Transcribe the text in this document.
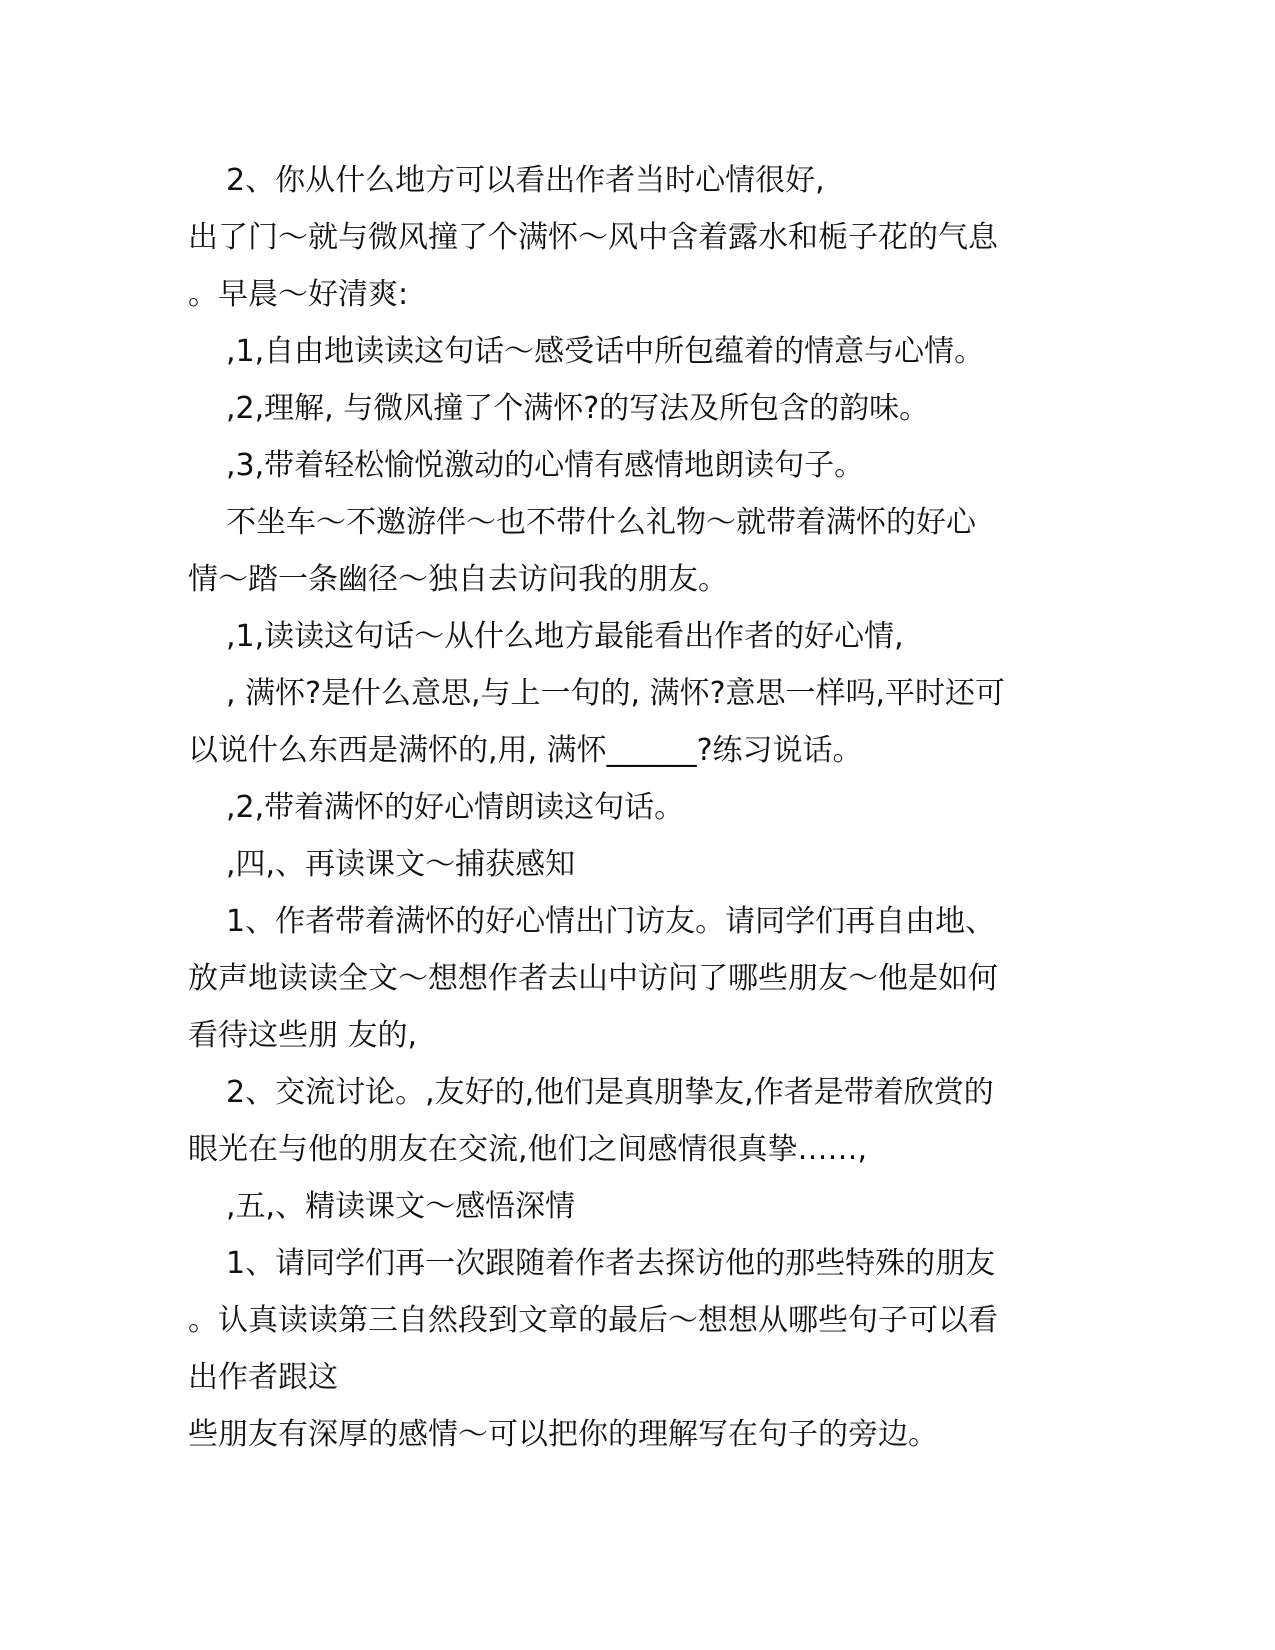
2、你从什么地方可以看出作者当时心情很好,
出了门～就与微风撞了个满怀～风中含着露水和栀子花的气息
。早晨～好清爽:
,1,自由地读读这句话～感受话中所包蕴着的情意与心情。
,2,理解, 与微风撞了个满怀?的写法及所包含的韵味。
,3,带着轻松愉悦激动的心情有感情地朗读句子。
不坐车～不邀游伴～也不带什么礼物～就带着满怀的好心
情～踏一条幽径～独自去访问我的朋友。
,1,读读这句话～从什么地方最能看出作者的好心情,
, 满怀?是什么意思,与上一句的, 满怀?意思一样吗,平时还可
以说什么东西是满怀的,用, 满怀______?练习说话。
,2,带着满怀的好心情朗读这句话。
,四,、再读课文～捕获感知
1、作者带着满怀的好心情出门访友。请同学们再自由地、
放声地读读全文～想想作者去山中访问了哪些朋友～他是如何
看待这些朋 友的,
2、交流讨论。,友好的,他们是真朋挚友,作者是带着欣赏的
眼光在与他的朋友在交流,他们之间感情很真挚……,
,五,、精读课文～感悟深情
1、请同学们再一次跟随着作者去探访他的那些特殊的朋友
。认真读读第三自然段到文章的最后～想想从哪些句子可以看
出作者跟这
些朋友有深厚的感情～可以把你的理解写在句子的旁边。
